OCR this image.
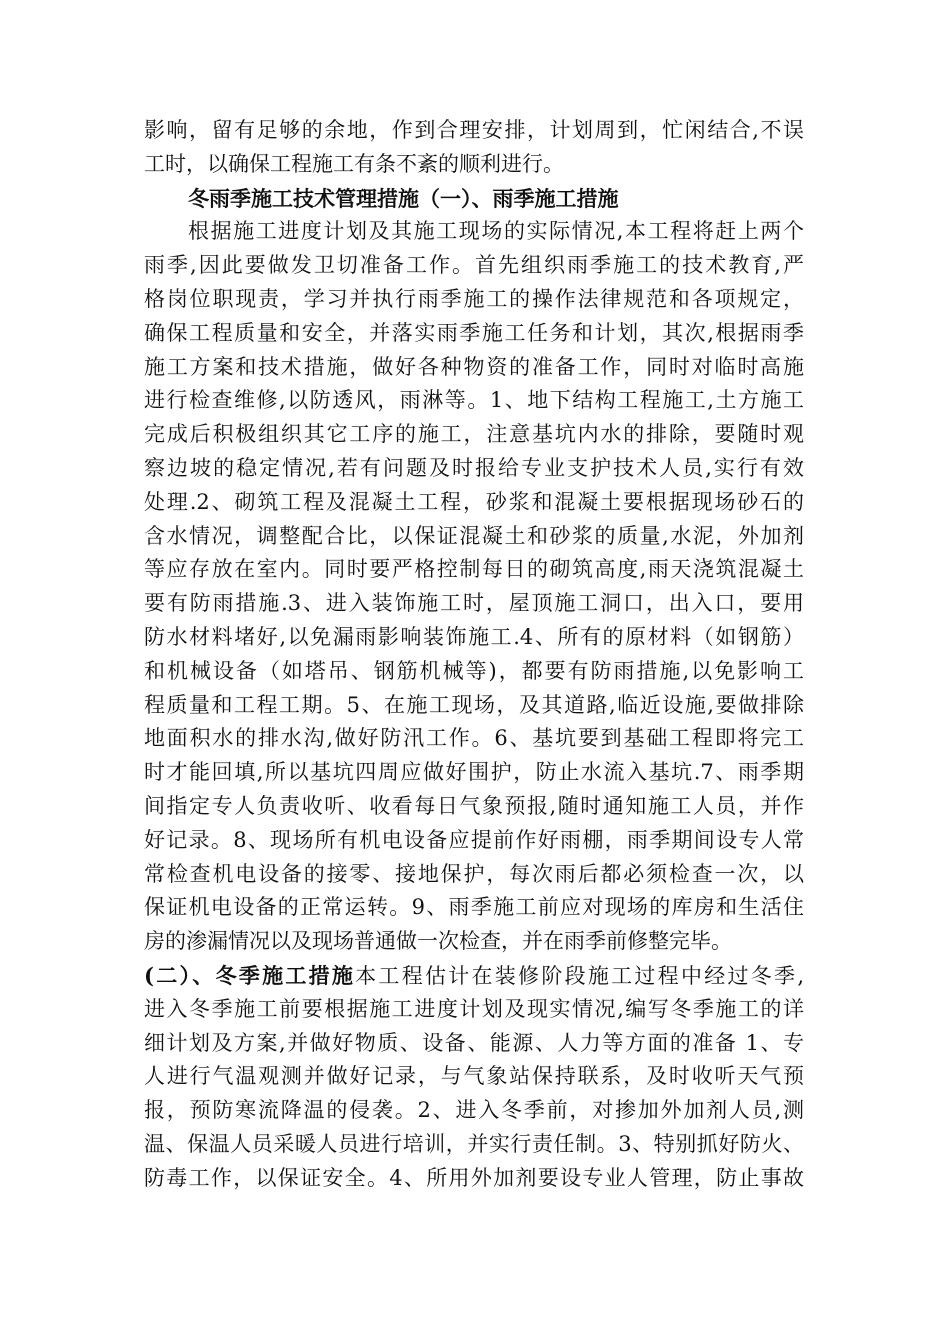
影响，留有足够的余地，作到合理安排，计划周到，忙闲结合,不误
工时，以确保工程施工有条不紊的顺利进行。
冬雨季施工技术管理措施（一）、雨季施工措施
根据施工进度计划及其施工现场的实际情况,本工程将赶上两个
雨季,因此要做发卫切准备工作。首先组织雨季施工的技术教育,严
格岗位职现责，学习并执行雨季施工的操作法律规范和各项规定，
确保工程质量和安全，并落实雨季施工任务和计划，其次,根据雨季
施工方案和技术措施，做好各种物资的准备工作，同时对临时高施
进行检查维修,以防透风，雨淋等。1、地下结构工程施工,土方施工
完成后积极组织其它工序的施工，注意基坑内水的排除，要随时观
察边坡的稳定情况,若有问题及时报给专业支护技术人员,实行有效
处理.2、砌筑工程及混凝土工程，砂浆和混凝土要根据现场砂石的
含水情况，调整配合比，以保证混凝土和砂浆的质量,水泥，外加剂
等应存放在室内。同时要严格控制每日的砌筑高度,雨天浇筑混凝土
要有防雨措施.3、进入装饰施工时，屋顶施工洞口，出入口，要用
防水材料堵好,以免漏雨影响装饰施工.4、所有的原材料（如钢筋）
和机械设备（如塔吊、钢筋机械等)，都要有防雨措施,以免影响工
程质量和工程工期。5、在施工现场，及其道路,临近设施,要做排除
地面积水的排水沟,做好防汛工作。6、基坑要到基础工程即将完工
时才能回填,所以基坑四周应做好围护，防止水流入基坑.7、雨季期
间指定专人负责收听、收看每日气象预报,随时通知施工人员，并作
好记录。8、现场所有机电设备应提前作好雨棚，雨季期间设专人常
常检查机电设备的接零、接地保护，每次雨后都必须检查一次，以
保证机电设备的正常运转。9、雨季施工前应对现场的库房和生活住
房的渗漏情况以及现场普通做一次检查，并在雨季前修整完毕。
(二）、冬季施工措施本工程估计在装修阶段施工过程中经过冬季,
进入冬季施工前要根据施工进度计划及现实情况,编写冬季施工的详
细计划及方案,并做好物质、设备、能源、人力等方面的准备 1、专
人进行气温观测并做好记录，与气象站保持联系，及时收听天气预
报，预防寒流降温的侵袭。2、进入冬季前，对掺加外加剂人员,测
温、保温人员采暖人员进行培训，并实行责任制。3、特别抓好防火、
防毒工作，以保证安全。4、所用外加剂要设专业人管理，防止事故
